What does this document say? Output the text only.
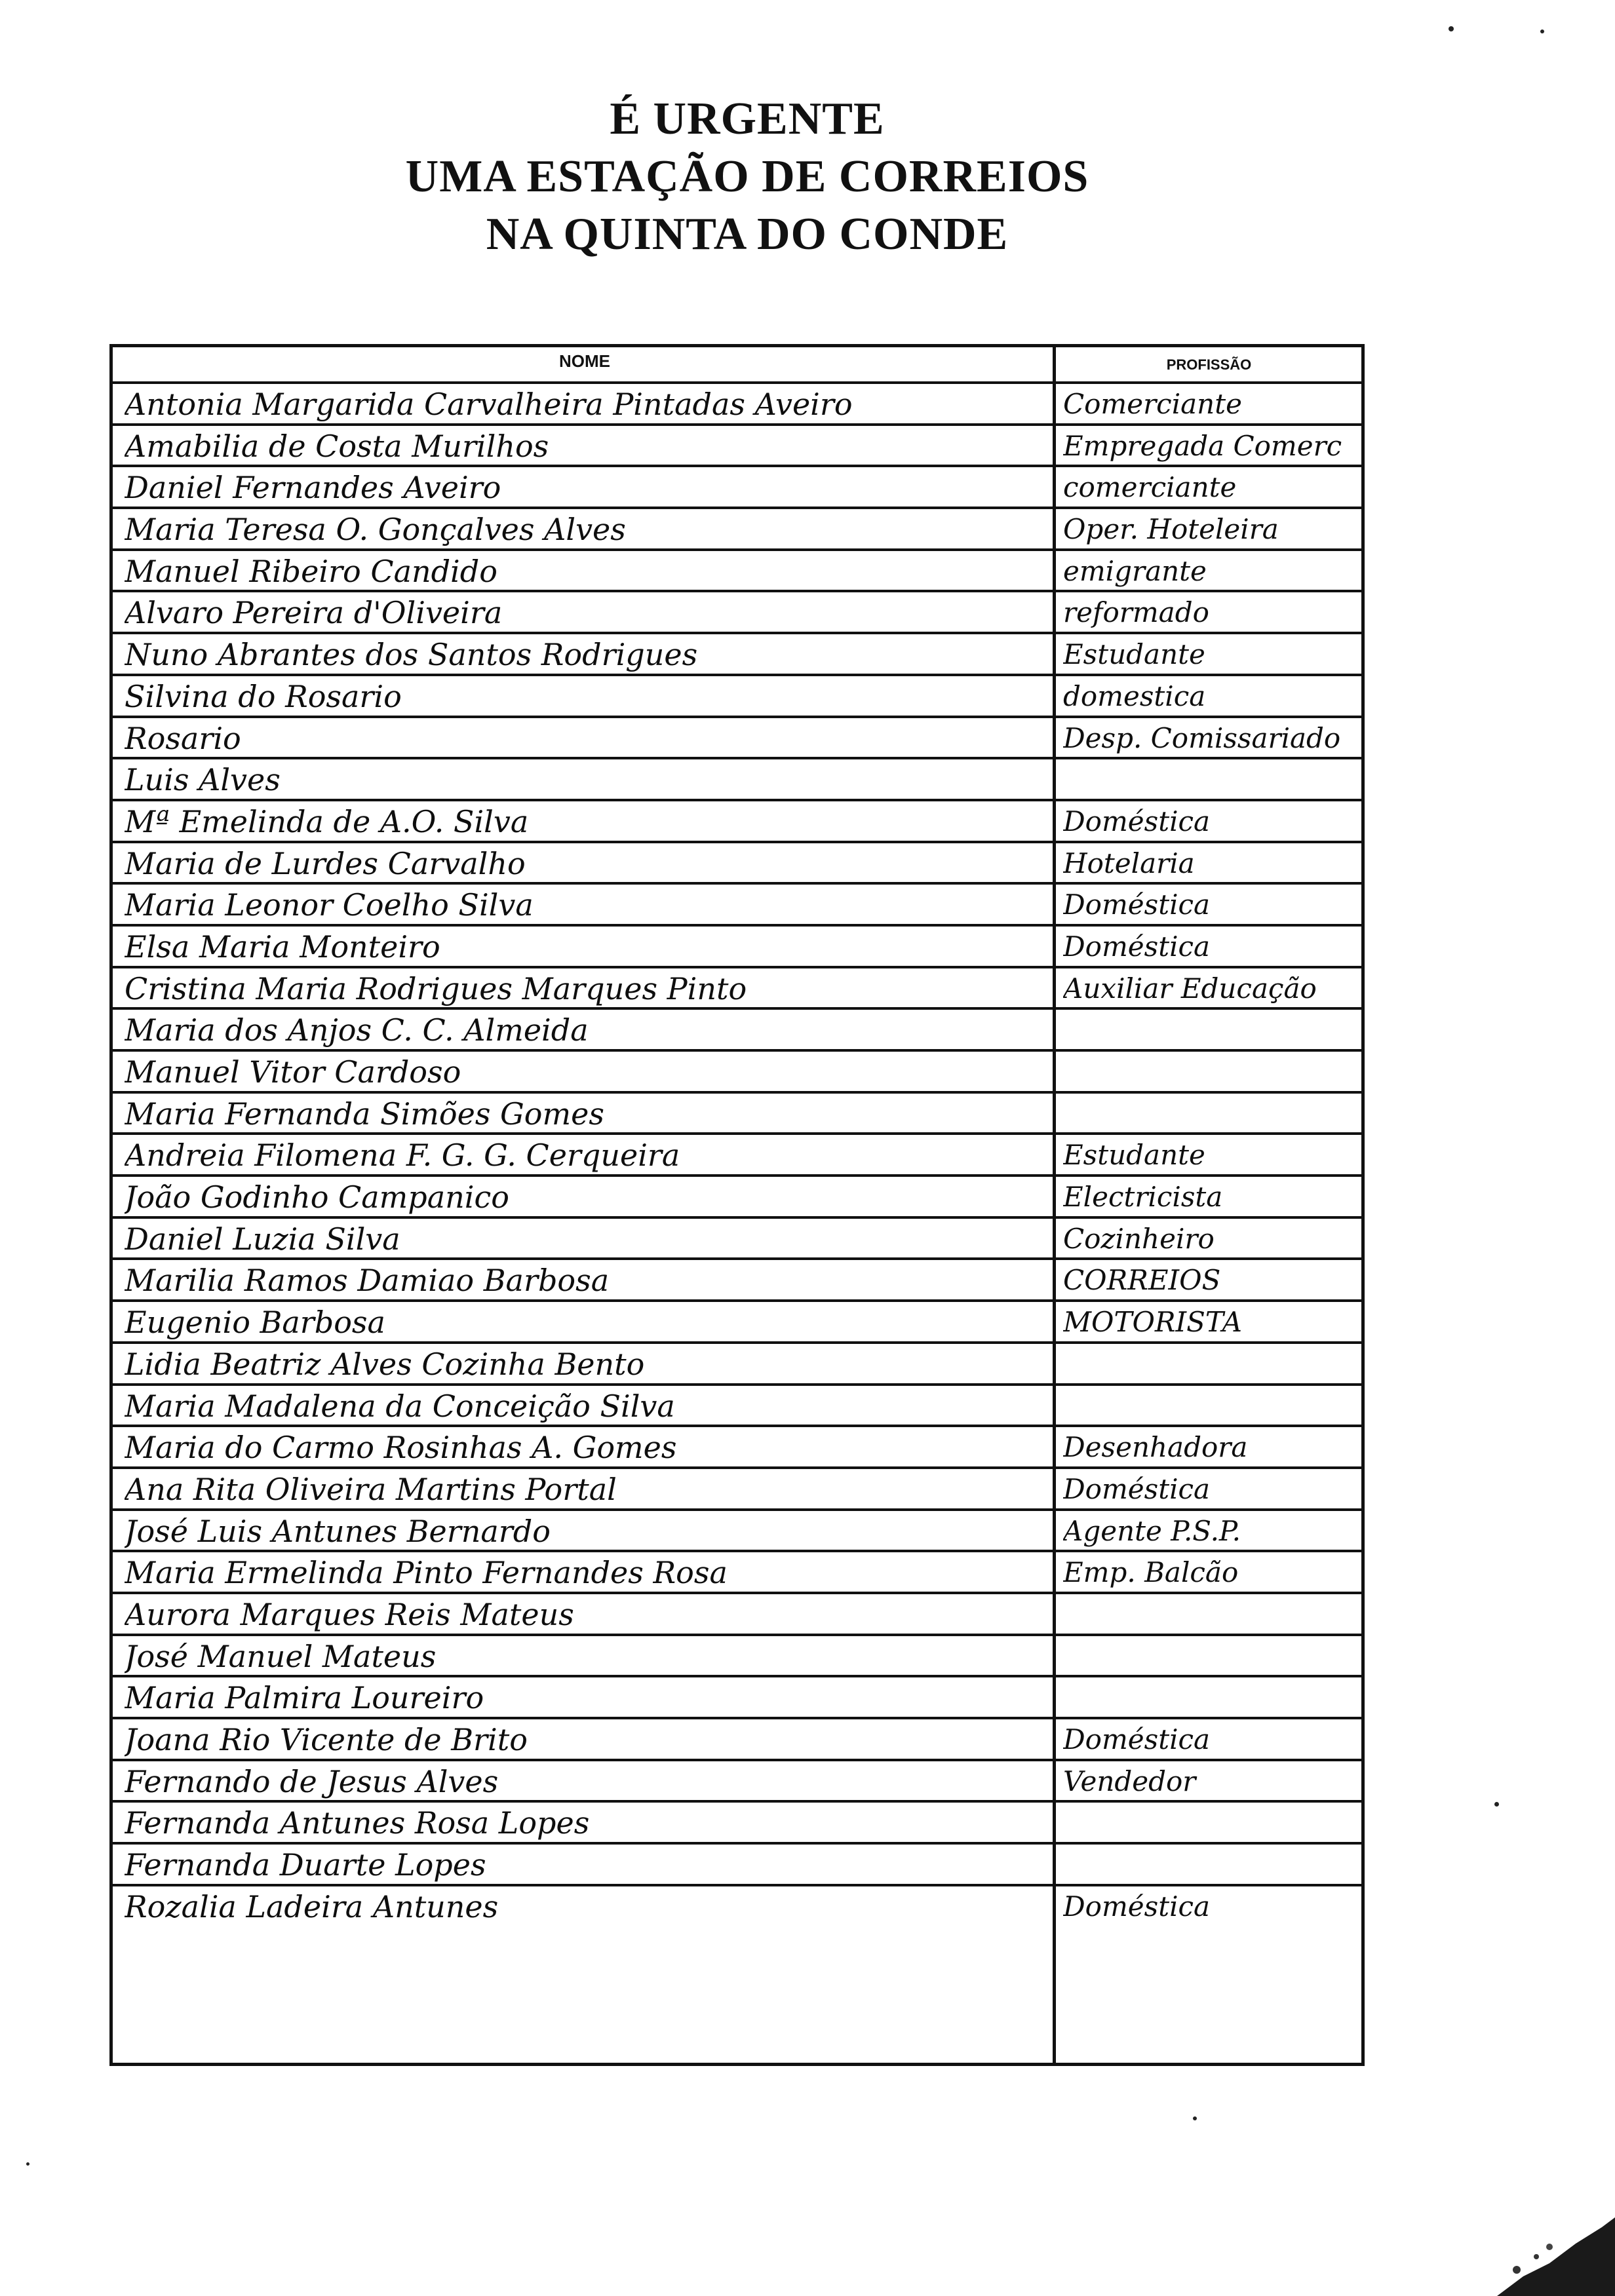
É URGENTE
UMA ESTAÇÃO DE CORREIOS
NA QUINTA DO CONDE
NOME	PROFISSÃO
Antonia Margarida Carvalheira Pintadas Aveiro	Comerciante
Amabilia de Costa Murilhos	Empregada Comerc
Daniel Fernandes Aveiro	comerciante
Maria Teresa O. Gonçalves Alves	Oper. Hoteleira
Manuel Ribeiro Candido	emigrante
Alvaro Pereira d'Oliveira	reformado
Nuno Abrantes dos Santos Rodrigues	Estudante
Silvina do Rosario	domestica
Rosario	Desp. Comissariado
Luis Alves
Mª Emelinda de A.O. Silva	Doméstica
Maria de Lurdes Carvalho	Hotelaria
Maria Leonor Coelho Silva	Doméstica
Elsa Maria Monteiro	Doméstica
Cristina Maria Rodrigues Marques Pinto	Auxiliar Educação
Maria dos Anjos C. C. Almeida
Manuel Vitor Cardoso
Maria Fernanda Simões Gomes
Andreia Filomena F. G. G. Cerqueira	Estudante
João Godinho Campanico	Electricista
Daniel Luzia Silva	Cozinheiro
Marilia Ramos Damiao Barbosa	CORREIOS
Eugenio Barbosa	MOTORISTA
Lidia Beatriz Alves Cozinha Bento
Maria Madalena da Conceição Silva
Maria do Carmo Rosinhas A. Gomes	Desenhadora
Ana Rita Oliveira Martins Portal	Doméstica
José Luis Antunes Bernardo	Agente P.S.P.
Maria Ermelinda Pinto Fernandes Rosa	Emp. Balcão
Aurora Marques Reis Mateus
José Manuel Mateus
Maria Palmira Loureiro
Joana Rio Vicente de Brito	Doméstica
Fernando de Jesus Alves	Vendedor
Fernanda Antunes Rosa Lopes
Fernanda Duarte Lopes
Rozalia Ladeira Antunes	Doméstica
